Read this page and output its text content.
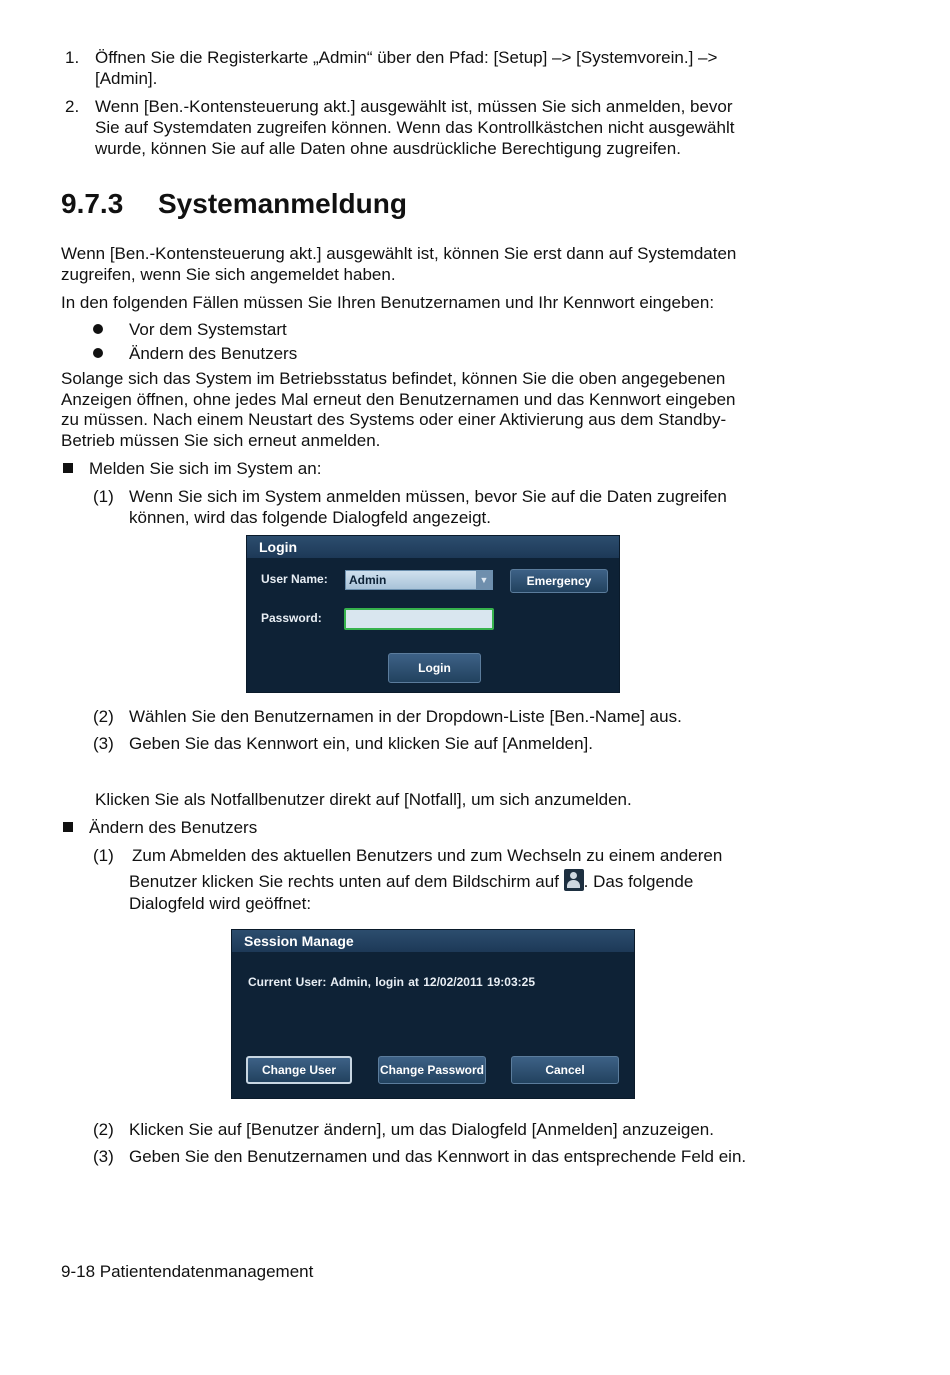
1. Öffnen Sie die Registerkarte „Admin“ über den Pfad: [Setup] –> [Systemvorein.] –>
[Admin].
2. Wenn [Ben.-Kontensteuerung akt.] ausgewählt ist, müssen Sie sich anmelden, bevor
Sie auf Systemdaten zugreifen können. Wenn das Kontrollkästchen nicht ausgewählt
wurde, können Sie auf alle Daten ohne ausdrückliche Berechtigung zugreifen.
9.7.3 Systemanmeldung
Wenn [Ben.-Kontensteuerung akt.] ausgewählt ist, können Sie erst dann auf Systemdaten
zugreifen, wenn Sie sich angemeldet haben.
In den folgenden Fällen müssen Sie Ihren Benutzernamen und Ihr Kennwort eingeben:
Vor dem Systemstart
Ändern des Benutzers
Solange sich das System im Betriebsstatus befindet, können Sie die oben angegebenen
Anzeigen öffnen, ohne jedes Mal erneut den Benutzernamen und das Kennwort eingeben
zu müssen. Nach einem Neustart des Systems oder einer Aktivierung aus dem Standby-
Betrieb müssen Sie sich erneut anmelden.
Melden Sie sich im System an:
(1) Wenn Sie sich im System anmelden müssen, bevor Sie auf die Daten zugreifen
können, wird das folgende Dialogfeld angezeigt.
Login
User Name:	Admin	▼	Emergency
Password:
Login
(2) Wählen Sie den Benutzernamen in der Dropdown-Liste [Ben.-Name] aus.
(3) Geben Sie das Kennwort ein, und klicken Sie auf [Anmelden].
Klicken Sie als Notfallbenutzer direkt auf [Notfall], um sich anzumelden.
Ändern des Benutzers
(1) Zum Abmelden des aktuellen Benutzers und zum Wechseln zu einem anderen
Benutzer klicken Sie rechts unten auf dem Bildschirm auf . Das folgende
Dialogfeld wird geöffnet:
Session Manage
Current User: Admin, login at 12/02/2011 19:03:25
Change User	Change Password	Cancel
(2) Klicken Sie auf [Benutzer ändern], um das Dialogfeld [Anmelden] anzuzeigen.
(3) Geben Sie den Benutzernamen und das Kennwort in das entsprechende Feld ein.
9-18 Patientendatenmanagement
